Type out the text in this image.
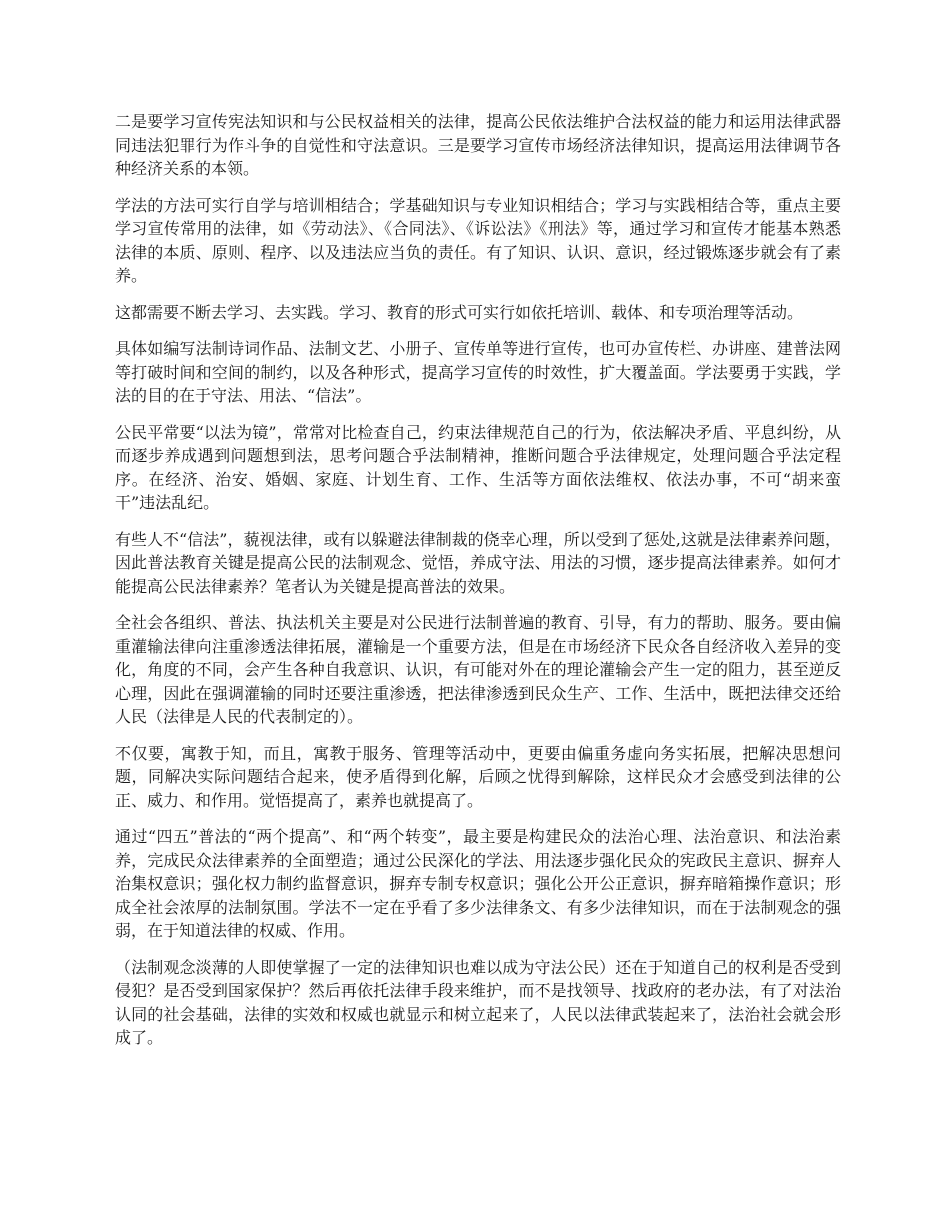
二是要学习宣传宪法知识和与公民权益相关的法律，提高公民依法维护合法权益的能力和运用法律武器同违法犯罪行为作斗争的自觉性和守法意识。三是要学习宣传市场经济法律知识，提高运用法律调节各种经济关系的本领。

学法的方法可实行自学与培训相结合；学基础知识与专业知识相结合；学习与实践相结合等，重点主要学习宣传常用的法律，如《劳动法》、《合同法》、《诉讼法》《刑法》等，通过学习和宣传才能基本熟悉法律的本质、原则、程序、以及违法应当负的责任。有了知识、认识、意识，经过锻炼逐步就会有了素养。

这都需要不断去学习、去实践。学习、教育的形式可实行如依托培训、载体、和专项治理等活动。

具体如编写法制诗词作品、法制文艺、小册子、宣传单等进行宣传，也可办宣传栏、办讲座、建普法网等打破时间和空间的制约，以及各种形式，提高学习宣传的时效性，扩大覆盖面。学法要勇于实践，学法的目的在于守法、用法、“信法”。

公民平常要“以法为镜”，常常对比检查自己，约束法律规范自己的行为，依法解决矛盾、平息纠纷，从而逐步养成遇到问题想到法，思考问题合乎法制精神，推断问题合乎法律规定，处理问题合乎法定程序。在经济、治安、婚姻、家庭、计划生育、工作、生活等方面依法维权、依法办事，不可“胡来蛮干”违法乱纪。

有些人不“信法”，藐视法律，或有以躲避法律制裁的侥幸心理，所以受到了惩处,这就是法律素养问题，因此普法教育关键是提高公民的法制观念、觉悟，养成守法、用法的习惯，逐步提高法律素养。如何才能提高公民法律素养？笔者认为关键是提高普法的效果。

全社会各组织、普法、执法机关主要是对公民进行法制普遍的教育、引导，有力的帮助、服务。要由偏重灌输法律向注重渗透法律拓展，灌输是一个重要方法，但是在市场经济下民众各自经济收入差异的变化，角度的不同，会产生各种自我意识、认识，有可能对外在的理论灌输会产生一定的阻力，甚至逆反心理，因此在强调灌输的同时还要注重渗透，把法律渗透到民众生产、工作、生活中，既把法律交还给人民（法律是人民的代表制定的）。

不仅要，寓教于知，而且，寓教于服务、管理等活动中，更要由偏重务虚向务实拓展，把解决思想问题，同解决实际问题结合起来，使矛盾得到化解，后顾之忧得到解除，这样民众才会感受到法律的公正、威力、和作用。觉悟提高了，素养也就提高了。

通过“四五”普法的“两个提高”、和“两个转变”，最主要是构建民众的法治心理、法治意识、和法治素养，完成民众法律素养的全面塑造；通过公民深化的学法、用法逐步强化民众的宪政民主意识、摒弃人治集权意识；强化权力制约监督意识，摒弃专制专权意识；强化公开公正意识，摒弃暗箱操作意识；形成全社会浓厚的法制氛围。学法不一定在乎看了多少法律条文、有多少法律知识，而在于法制观念的强弱，在于知道法律的权威、作用。

（法制观念淡薄的人即使掌握了一定的法律知识也难以成为守法公民）还在于知道自己的权利是否受到侵犯？是否受到国家保护？然后再依托法律手段来维护，而不是找领导、找政府的老办法，有了对法治认同的社会基础，法律的实效和权威也就显示和树立起来了，人民以法律武装起来了，法治社会就会形成了。
